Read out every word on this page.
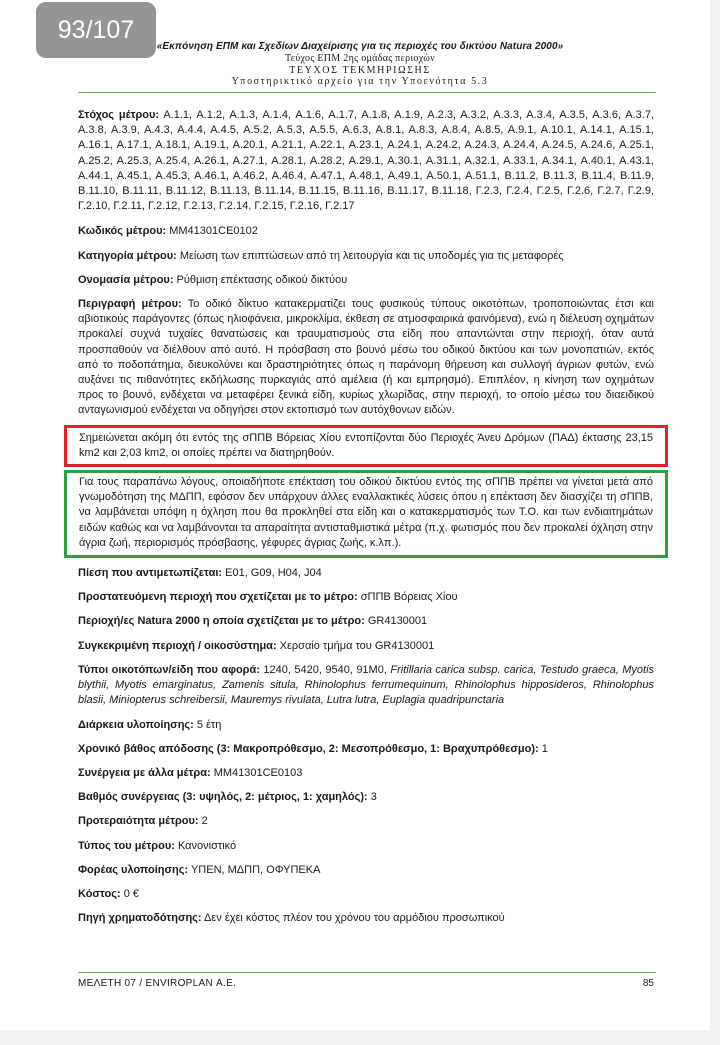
93/107
«Εκπόνηση ΕΠΜ και Σχεδίων Διαχείρισης για τις περιοχές του δικτύου Natura 2000»
Τεύχος ΕΠΜ 2ης ομάδας περιοχών
ΤΕΥΧΟΣ ΤΕΚΜΗΡΙΩΣΗΣ
Υποστηρικτικό αρχείο για την Υποενότητα 5.3

Στόχος μέτρου: Α.1.1, Α.1.2, Α.1.3, Α.1.4, Α.1.6, Α.1.7, Α.1.8, Α.1.9, Α.2.3, Α.3.2, Α.3.3, Α.3.4, Α.3.5, Α.3.6, Α.3.7, Α.3.8, Α.3.9, Α.4.3, Α.4.4, Α.4.5, Α.5.2, Α.5.3, Α.5.5, Α.6.3, Α.8.1, Α.8.3, Α.8.4, Α.8.5, Α.9.1, Α.10.1, Α.14.1, Α.15.1, Α.16.1, Α.17.1, Α.18.1, Α.19.1, Α.20.1, Α.21.1, Α.22.1, Α.23.1, Α.24.1, Α.24.2, Α.24.3, Α.24.4, Α.24.5, Α.24.6, Α.25.1, Α.25.2, Α.25.3, Α.25.4, Α.26.1, Α.27.1, Α.28.1, Α.28.2, Α.29.1, Α.30.1, Α.31.1, Α.32.1, Α.33.1, Α.34.1, Α.40.1, Α.43.1, Α.44.1, Α.45.1, Α.45.3, Α.46.1, Α.46.2, Α.46.4, Α.47.1, Α.48.1, Α.49.1, Α.50.1, Α.51.1, Β.11.2, Β.11.3, Β.11.4, Β.11.9, Β.11.10, Β.11.11, Β.11.12, Β.11.13, Β.11.14, Β.11.15, Β.11.16, Β.11.17, Β.11.18, Γ.2.3, Γ.2.4, Γ.2.5, Γ.2.6, Γ.2.7, Γ.2.9, Γ.2.10, Γ.2.11, Γ.2.12, Γ.2.13, Γ.2.14, Γ.2.15, Γ.2.16, Γ.2.17

Κωδικός μέτρου: MM41301CE0102

Κατηγορία μέτρου: Μείωση των επιπτώσεων από τη λειτουργία και τις υποδομές για τις μεταφορές

Ονομασία μέτρου: Ρύθμιση επέκτασης οδικού δικτύου

Περιγραφή μέτρου: Το οδικό δίκτυο κατακερματίζει τους φυσικούς τύπους οικοτόπων, τροποποιώντας έτσι και αβιοτικούς παράγοντες (όπως ηλιοφάνεια, μικροκλίμα, έκθεση σε ατμοσφαιρικά φαινόμενα), ενώ η διέλευση οχημάτων προκαλεί συχνά τυχαίες θανατώσεις και τραυματισμούς στα είδη που απαντώνται στην περιοχή, όταν αυτά προσπαθούν να διέλθουν από αυτό. Η πρόσβαση στο βουνό μέσω του οδικού δικτύου και των μονοπατιών, εκτός από το ποδοπάτημα, διευκολύνει και δραστηριότητες όπως η παράνομη θήρευση και συλλογή άγριων φυτών, ενώ αυξάνει τις πιθανότητες εκδήλωσης πυρκαγιάς από αμέλεια (ή και εμπρησμό). Επιπλέον, η κίνηση των οχημάτων προς το βουνό, ενδέχεται να μεταφέρει ξενικά είδη, κυρίως χλωρίδας, στην περιοχή, το οποίο μέσω του διαειδικού ανταγωνισμού ενδέχεται να οδηγήσει στον εκτοπισμό των αυτόχθονων ειδών.

Σημειώνεται ακόμη ότι εντός της σΠΠΒ Βόρειας Χίου εντοπίζονται δύο Περιοχές Άνευ Δρόμων (ΠΑΔ) έκτασης 23,15 km2 και 2,03 km2, οι οποίες πρέπει να διατηρηθούν.
Για τους παραπάνω λόγους, οποιαδήποτε επέκταση του οδικού δικτύου εντός της σΠΠΒ πρέπει να γίνεται μετά από γνωμοδότηση της ΜΔΠΠ, εφόσον δεν υπάρχουν άλλες εναλλακτικές λύσεις όπου η επέκταση δεν διασχίζει τη σΠΠΒ, να λαμβάνεται υπόψη η όχληση που θα προκληθεί στα είδη και ο κατακερματισμός των Τ.Ο. και των ενδιαιτημάτων ειδών καθώς και να λαμβάνονται τα απαραίτητα αντισταθμιστικά μέτρα (π.χ. φωτισμός που δεν προκαλεί όχληση στην άγρια ζωή, περιορισμός πρόσβασης, γέφυρες άγριας ζωής, κ.λπ.).

Πίεση που αντιμετωπίζεται: E01, G09, H04, J04

Προστατευόμενη περιοχή που σχετίζεται με το μέτρο: σΠΠΒ Βόρειας Χίου

Περιοχή/ες Natura 2000 η οποία σχετίζεται με το μέτρο: GR4130001

Συγκεκριμένη περιοχή / οικοσύστημα: Χερσαίο τμήμα του GR4130001

Τύποι οικοτόπων/είδη που αφορά: 1240, 5420, 9540, 91M0, Fritillaria carica subsp. carica, Testudo graeca, Myotis blythii, Myotis emarginatus, Zamenis situla, Rhinolophus ferrumequinum, Rhinolophus hipposideros, Rhinolophus blasii, Miniopterus schreibersii, Mauremys rivulata, Lutra lutra, Euplagia quadripunctaria

Διάρκεια υλοποίησης: 5 έτη

Χρονικό βάθος απόδοσης (3: Μακροπρόθεσμο, 2: Μεσοπρόθεσμο, 1: Βραχυπρόθεσμο): 1

Συνέργεια με άλλα μέτρα: MM41301CE0103

Βαθμός συνέργειας (3: υψηλός, 2: μέτριος, 1: χαμηλός): 3

Προτεραιότητα μέτρου: 2

Τύπος του μέτρου: Κανονιστικό

Φορέας υλοποίησης: ΥΠΕΝ, ΜΔΠΠ, ΟΦΥΠΕΚΑ

Κόστος: 0 €

Πηγή χρηματοδότησης: Δεν έχει κόστος πλέον του χρόνου του αρμόδιου προσωπικού

ΜΕΛΕΤΗ 07 / ENVIROPLAN Α.Ε.	85
